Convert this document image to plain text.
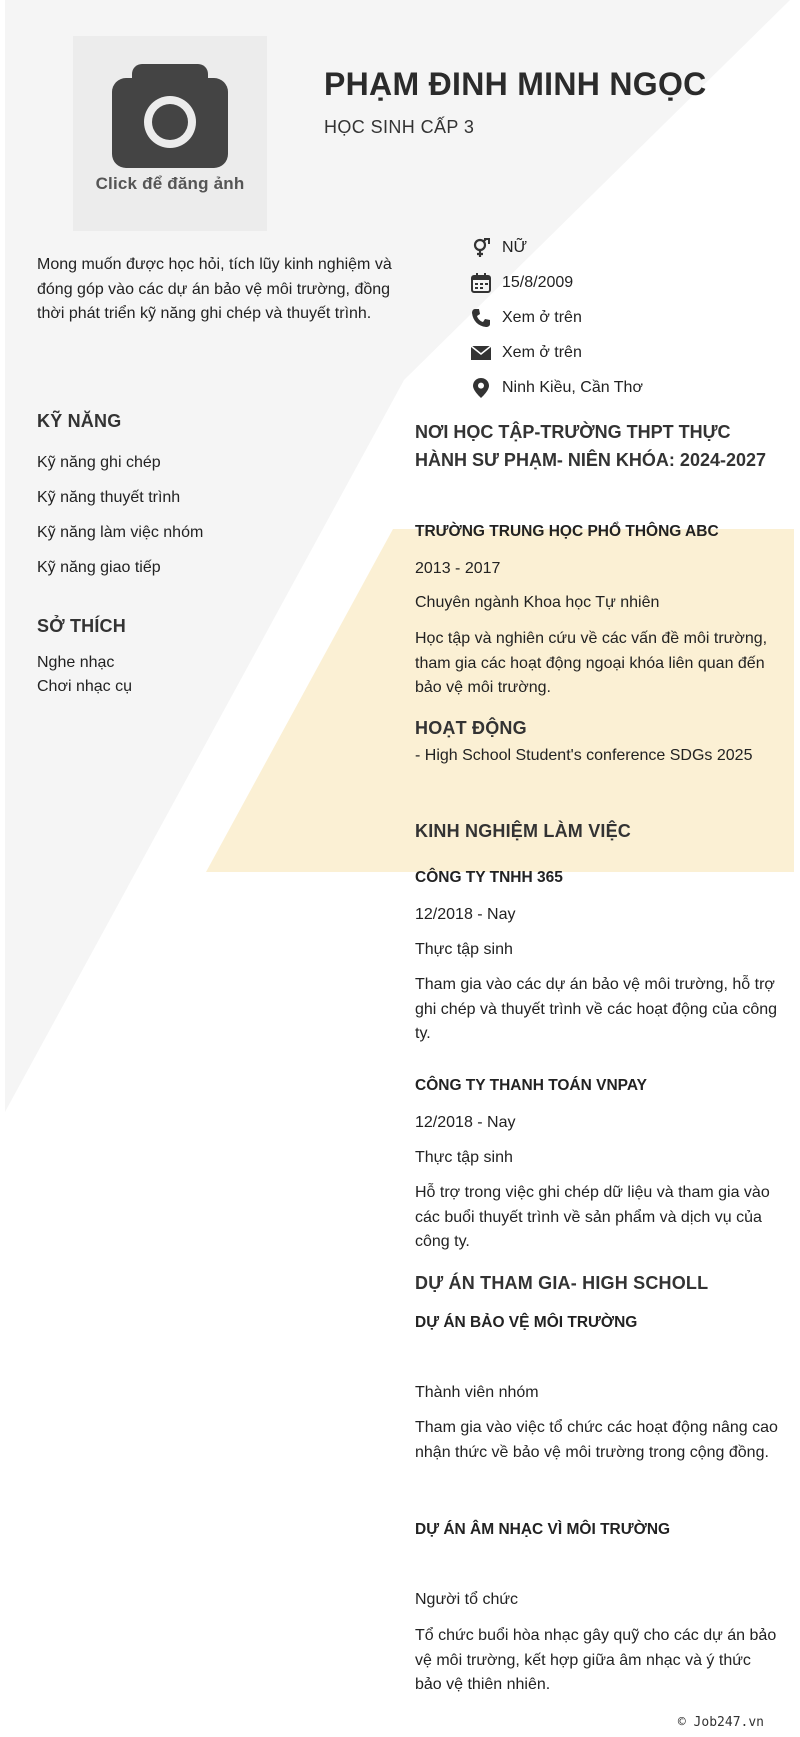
Click để đăng ảnh
PHẠM ĐINH MINH NGỌC
HỌC SINH CẤP 3
Mong muốn được học hỏi, tích lũy kinh nghiệm và đóng góp vào các dự án bảo vệ môi trường, đồng thời phát triển kỹ năng ghi chép và thuyết trình.
NỮ
15/8/2009
Xem ở trên
Xem ở trên
Ninh Kiều, Cần Thơ
KỸ NĂNG
Kỹ năng ghi chép
Kỹ năng thuyết trình
Kỹ năng làm việc nhóm
Kỹ năng giao tiếp
SỞ THÍCH
Nghe nhạc
Chơi nhạc cụ
NƠI HỌC TẬP-TRƯỜNG THPT THỰC HÀNH SƯ PHẠM- NIÊN KHÓA: 2024-2027
TRƯỜNG TRUNG HỌC PHỔ THÔNG ABC
2013 - 2017
Chuyên ngành Khoa học Tự nhiên
Học tập và nghiên cứu về các vấn đề môi trường, tham gia các hoạt động ngoại khóa liên quan đến bảo vệ môi trường.
HOẠT ĐỘNG
- High School Student's conference SDGs 2025
KINH NGHIỆM LÀM VIỆC
CÔNG TY TNHH 365
12/2018 - Nay
Thực tập sinh
Tham gia vào các dự án bảo vệ môi trường, hỗ trợ ghi chép và thuyết trình về các hoạt động của công ty.
CÔNG TY THANH TOÁN VNPAY
12/2018 - Nay
Thực tập sinh
Hỗ trợ trong việc ghi chép dữ liệu và tham gia vào các buổi thuyết trình về sản phẩm và dịch vụ của công ty.
DỰ ÁN THAM GIA- HIGH SCHOLL
DỰ ÁN BẢO VỆ MÔI TRƯỜNG
Thành viên nhóm
Tham gia vào việc tổ chức các hoạt động nâng cao nhận thức về bảo vệ môi trường trong cộng đồng.
DỰ ÁN ÂM NHẠC VÌ MÔI TRƯỜNG
Người tổ chức
Tổ chức buổi hòa nhạc gây quỹ cho các dự án bảo vệ môi trường, kết hợp giữa âm nhạc và ý thức bảo vệ thiên nhiên.
© Job247.vn
